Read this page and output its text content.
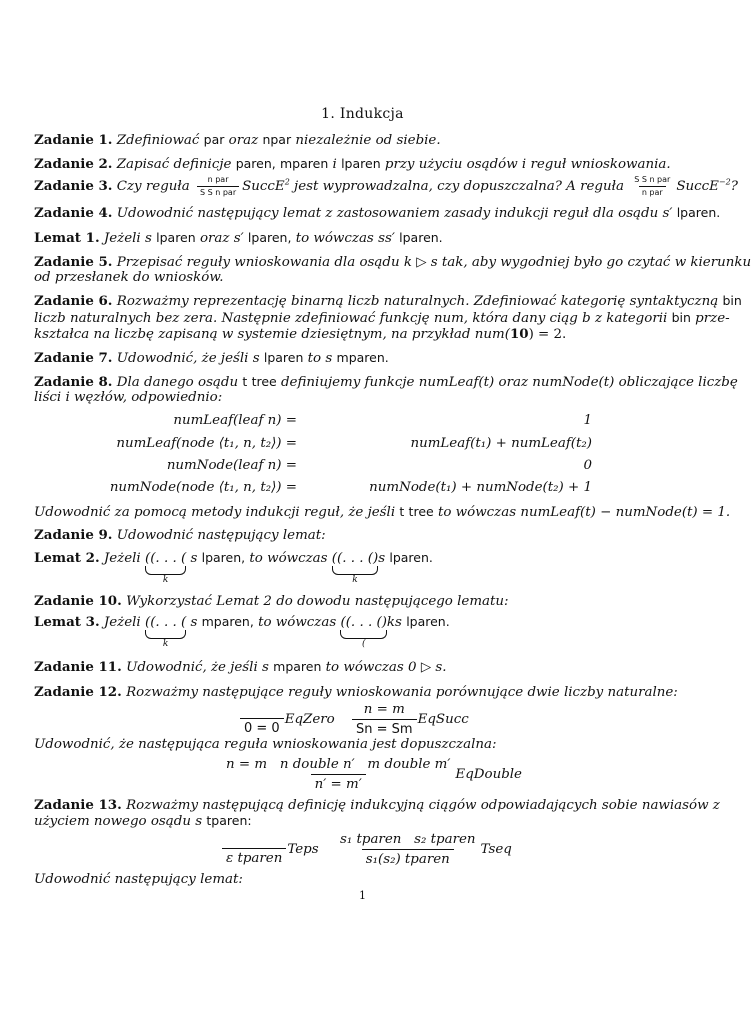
1. Indukcja
Zadanie 1. Zdefiniować par oraz npar niezależnie od siebie.
Zadanie 2. Zapisać definicje paren, mparen i lparen przy użyciu osądów i reguł wnioskowania.
Zadanie 3. Czy reguła $\frac{\text{n par}}{\text{S S n par}}$ SuccE$^2$ jest wyprowadzalna, czy dopuszczalna? A reguła $\frac{\text{S S n par}}{\text{n par}}$ SuccE$^{-2}$?
Zadanie 4. Udowodnić następujący lemat z zastosowaniem zasady indukcji reguł dla osądu s′ lparen.
Lemat 1. Jeżeli s lparen oraz s′ lparen, to wówczas ss′ lparen.
Zadanie 5. Przepisać reguły wnioskowania dla osądu k ▷ s tak, aby wygodniej było go czytać w kierunku
od przesłanek do wniosków.
Zadanie 6. Rozważmy reprezentację binarną liczb naturalnych. Zdefiniować kategorię syntaktyczną bin
liczb naturalnych bez zera. Następnie zdefiniować funkcję num, która dany ciąg b z kategorii bin prze-
kształca na liczbę zapisaną w systemie dziesiętnym, na przykład num(10) = 2.
Zadanie 7. Udowodnić, że jeśli s lparen to s mparen.
Zadanie 8. Dla danego osądu t tree definiujemy funkcje numLeaf(t) oraz numNode(t) obliczające liczbę
liści i węzłów, odpowiednio:
numLeaf(leaf n) =	1
numLeaf(node ⟨t₁, n, t₂⟩) =	numLeaf(t₁) + numLeaf(t₂)
numNode(leaf n) =	0
numNode(node ⟨t₁, n, t₂⟩) =	numNode(t₁) + numNode(t₂) + 1
Udowodnić za pomocą metody indukcji reguł, że jeśli t tree to wówczas numLeaf(t) − numNode(t) = 1.
Zadanie 9. Udowodnić następujący lemat:
Lemat 2. Jeżeli ((. . . (
k
s lparen, to wówczas ((. . . ()
k
s lparen.
Zadanie 10. Wykorzystać Lemat 2 do dowodu następującego lematu:
Lemat 3. Jeżeli ((. . . (
k
s mparen, to wówczas ((. . . ()
(
ks lparen.
Zadanie 11. Udowodnić, że jeśli s mparen to wówczas 0 ▷ s.
Zadanie 12. Rozważmy następujące reguły wnioskowania porównujące dwie liczby naturalne:
0 = 0
EqZero
n = m
Sn = Sm
EqSucc
Udowodnić, że następująca reguła wnioskowania jest dopuszczalna:
n = m   n double n′   m double m′
n′ = m′
EqDouble
Zadanie 13. Rozważmy następującą definicję indukcyjną ciągów odpowiadających sobie nawiasów z
użyciem nowego osądu s tparen:
ε tparen
Teps
s₁ tparen   s₂ tparen
s₁(s₂) tparen
Tseq
Udowodnić następujący lemat:
1
